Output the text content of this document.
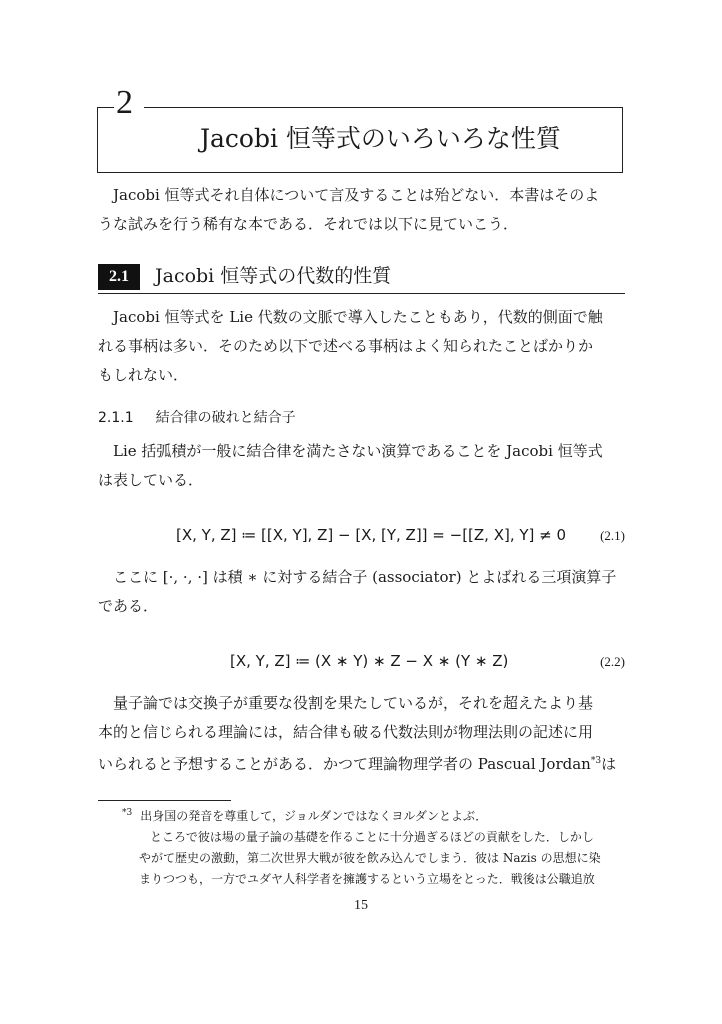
2
Jacobi 恒等式のいろいろな性質

Jacobi 恒等式それ自体について言及することは殆どない．本書はそのよ

うな試みを行う稀有な本である．それでは以下に見ていこう．

2.1	Jacobi 恒等式の代数的性質

Jacobi 恒等式を Lie 代数の文脈で導入したこともあり，代数的側面で触

れる事柄は多い．そのため以下で述べる事柄はよく知られたことばかりか

もしれない．

2.1.1 結合律の破れと結合子

Lie 括弧積が一般に結合律を満たさない演算であることを Jacobi 恒等式

は表している．

[X, Y, Z] ≔ [[X, Y], Z] − [X, [Y, Z]] = −[[Z, X], Y] ≠ 0	(2.1)

ここに [·, ·, ·] は積 ∗ に対する結合子 (associator) とよばれる三項演算子

である．

[X, Y, Z] ≔ (X ∗ Y) ∗ Z − X ∗ (Y ∗ Z)	(2.2)

量子論では交換子が重要な役割を果たしているが，それを超えたより基

本的と信じられる理論には，結合律も破る代数法則が物理法則の記述に用

いられると予想することがある．かつて理論物理学者の Pascual Jordan$^{*3}$は

$^{*3}$ 出身国の発音を尊重して，ジョルダンではなくヨルダンとよぶ．

ところで彼は場の量子論の基礎を作ることに十分過ぎるほどの貢献をした．しかし

やがて歴史の激動，第二次世界大戦が彼を飲み込んでしまう．彼は Nazis の思想に染

まりつつも，一方でユダヤ人科学者を擁護するという立場をとった．戦後は公職追放

15
